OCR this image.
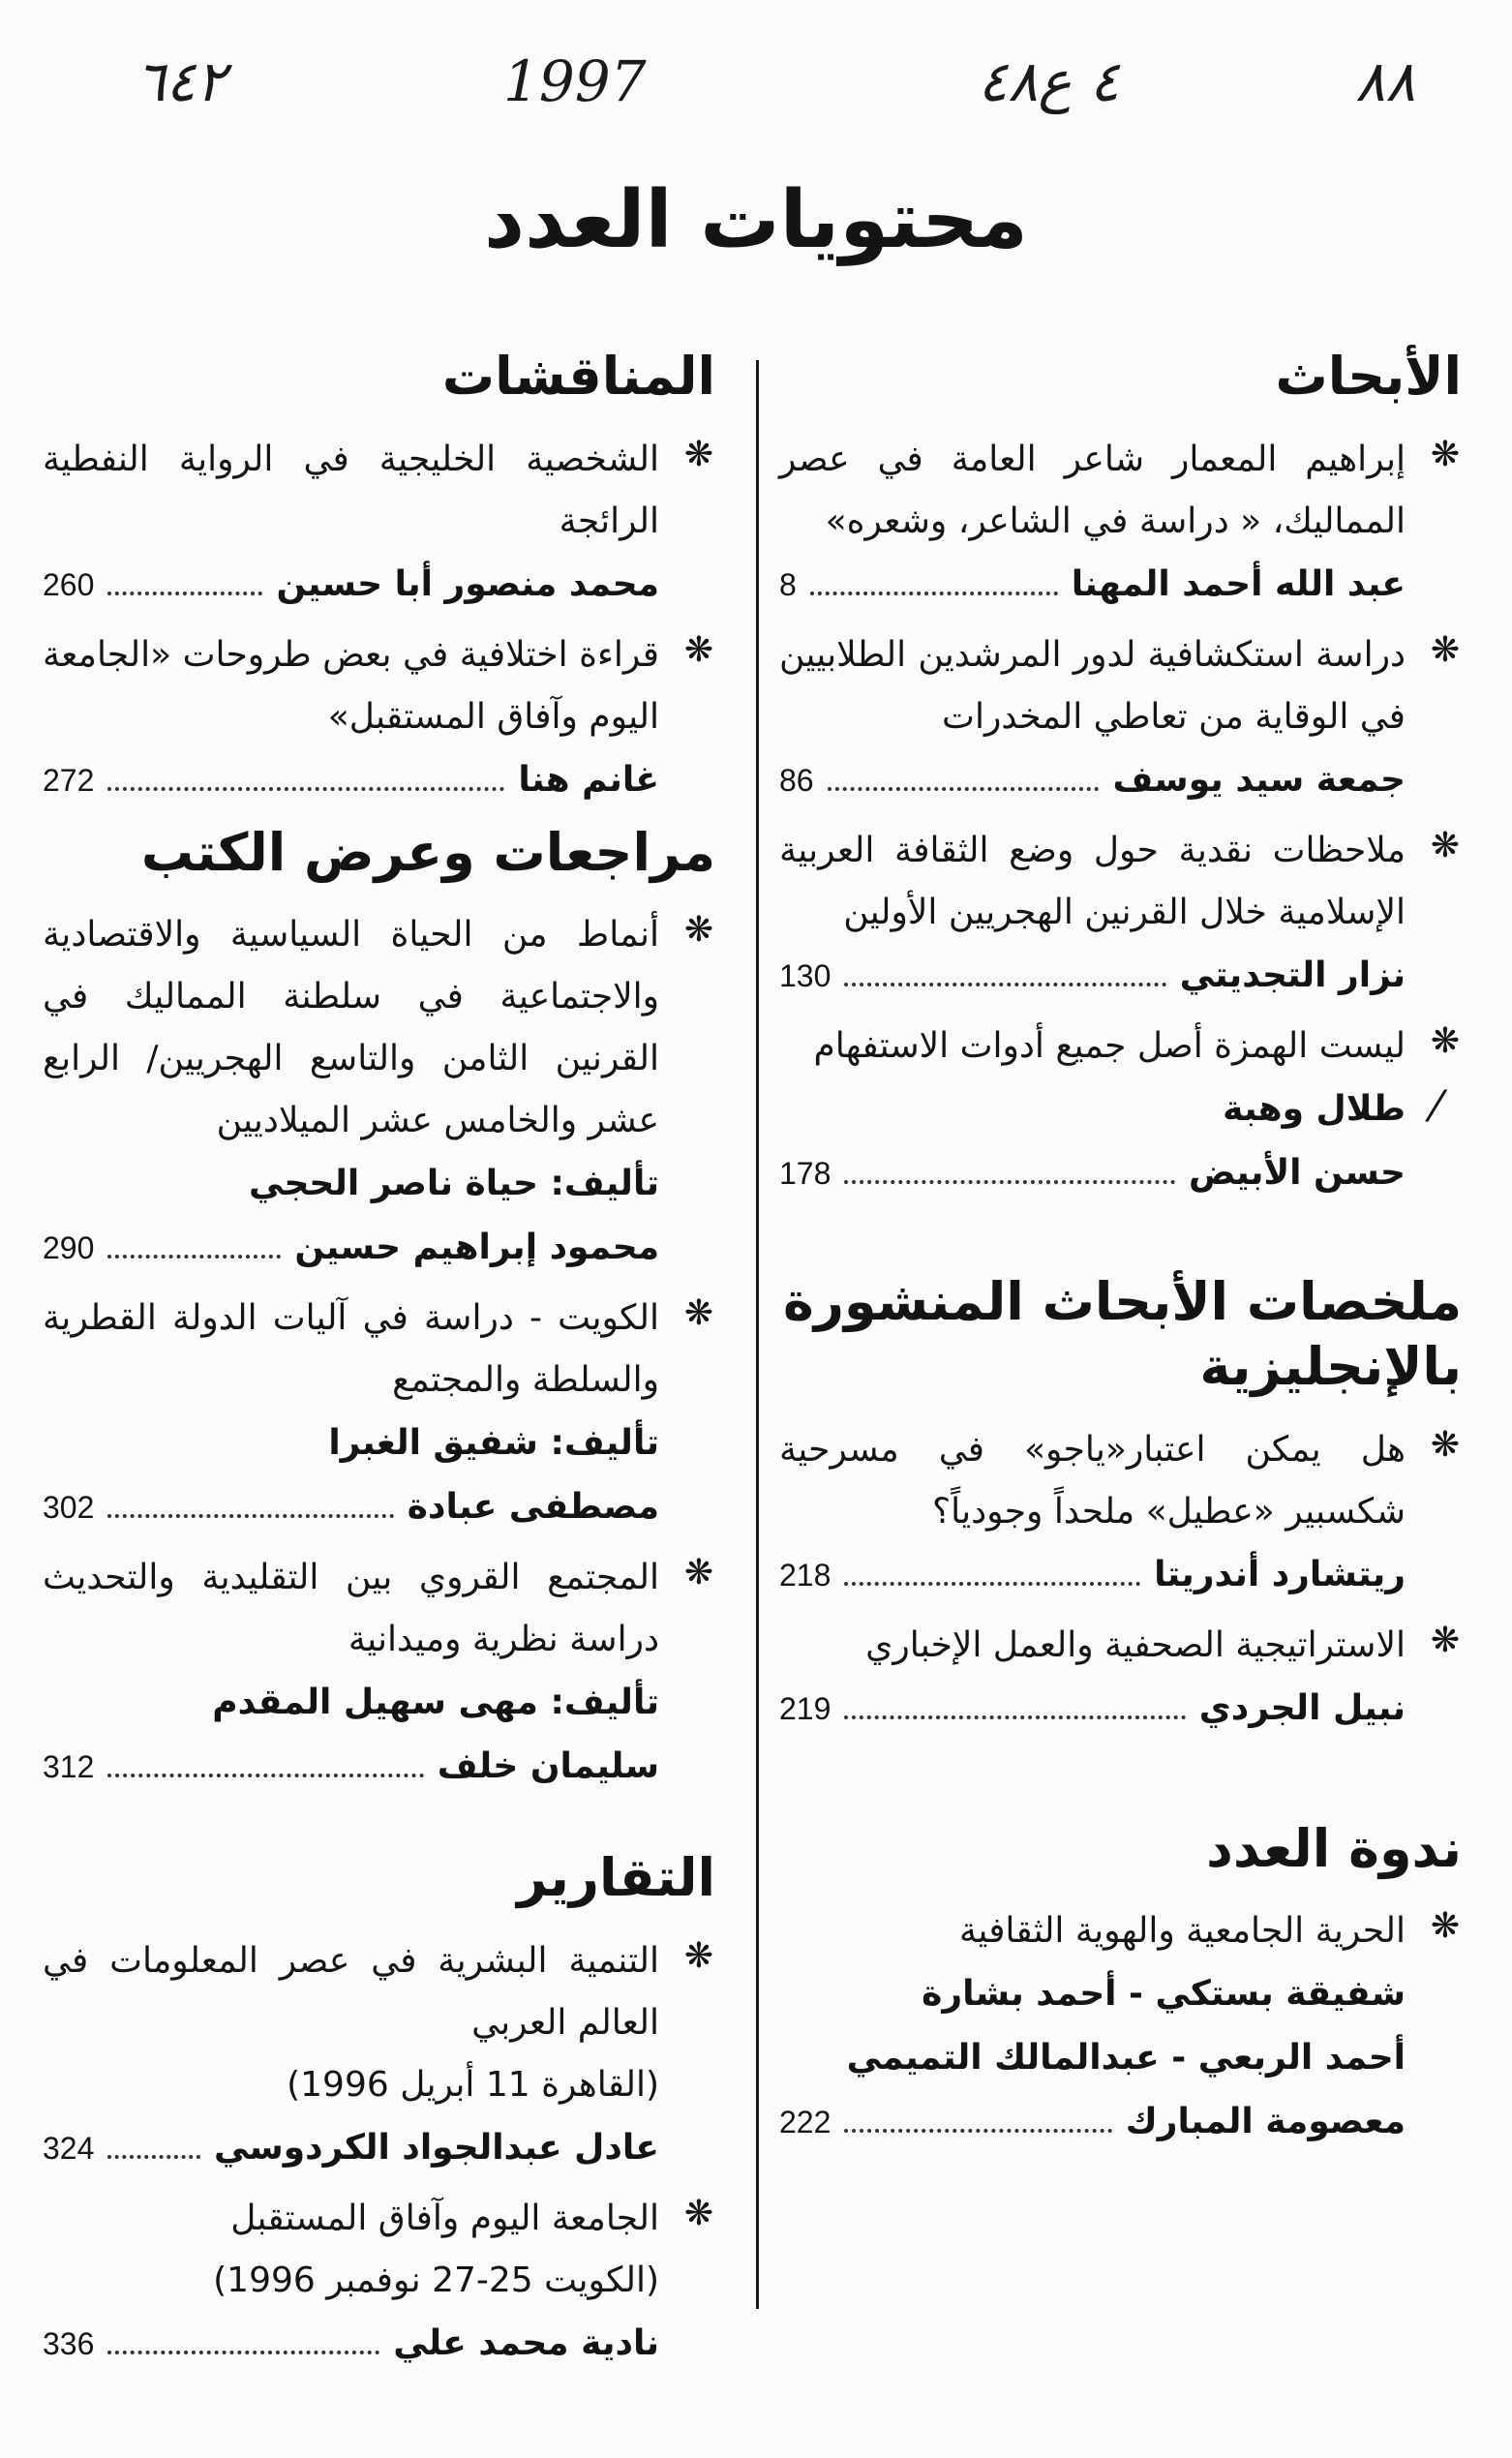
٨٨
٤ ع٤٨
1997
٦٤٢
محتويات العدد
⁄
الأبحاث
❋
إبراهيم المعمار شاعر العامة في عصر المماليك، « دراسة في الشاعر، وشعره»
عبد الله أحمد المهنا
8
❋
دراسة استكشافية لدور المرشدين الطلابيين في الوقاية من تعاطي المخدرات
جمعة سيد يوسف
86
❋
ملاحظات نقدية حول وضع الثقافة العربية الإسلامية خلال القرنين الهجريين الأولين
نزار التجديتي
130
❋
ليست الهمزة أصل جميع أدوات الاستفهام
طلال وهبة
حسن الأبيض
178
ملخصات الأبحاث المنشورة بالإنجليزية
❋
هل يمكن اعتبار«ياجو» في مسرحية شكسبير «عطيل» ملحداً وجودياً؟
ريتشارد أندريتا
218
❋
الاستراتيجية الصحفية والعمل الإخباري
نبيل الجردي
219
ندوة العدد
❋
الحرية الجامعية والهوية الثقافية
شفيقة بستكي - أحمد بشارة
أحمد الربعي - عبدالمالك التميمي
معصومة المبارك
222
المناقشات
❋
الشخصية الخليجية في الرواية النفطية الرائجة
محمد منصور أبا حسين
260
❋
قراءة اختلافية في بعض طروحات «الجامعة اليوم وآفاق المستقبل»
غانم هنا
272
مراجعات وعرض الكتب
❋
أنماط من الحياة السياسية والاقتصادية والاجتماعية في سلطنة المماليك في القرنين الثامن والتاسع الهجريين/ الرابع عشر والخامس عشر الميلاديين
تأليف: حياة ناصر الحجي
محمود إبراهيم حسين
290
❋
الكويت - دراسة في آليات الدولة القطرية والسلطة والمجتمع
تأليف: شفيق الغبرا
مصطفى عبادة
302
❋
المجتمع القروي بين التقليدية والتحديث دراسة نظرية وميدانية
تأليف: مهى سهيل المقدم
سليمان خلف
312
التقارير
❋
التنمية البشرية في عصر المعلومات في العالم العربي
(القاهرة 11 أبريل 1996)
عادل عبدالجواد الكردوسي
324
❋
الجامعة اليوم وآفاق المستقبل
(الكويت 25-27 نوفمبر 1996)
نادية محمد علي
336
